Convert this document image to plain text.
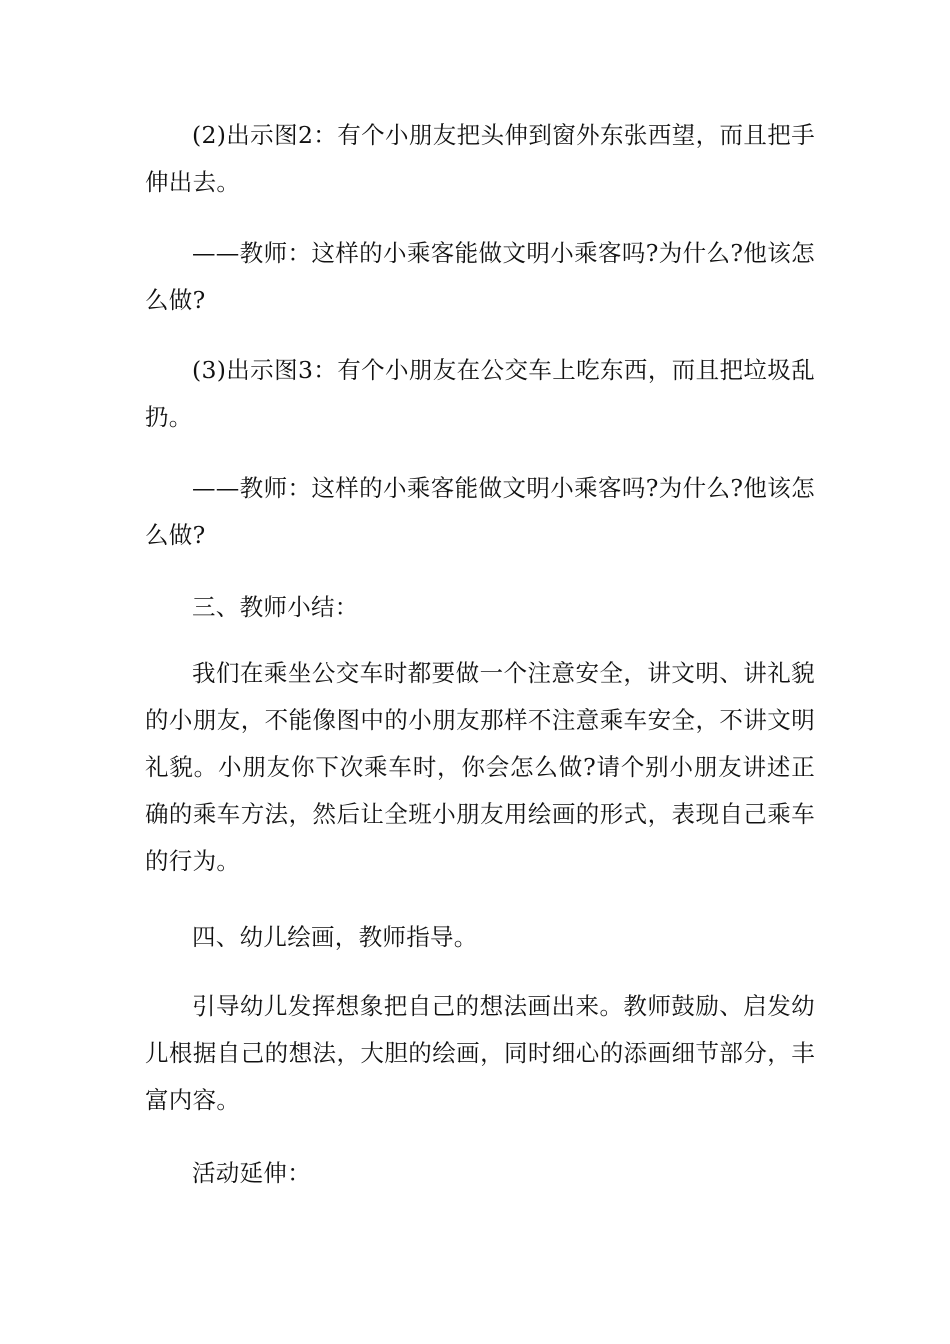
(2)出示图2：有个小朋友把头伸到窗外东张西望，而且把手伸出去。

——教师：这样的小乘客能做文明小乘客吗?为什么?他该怎么做?

(3)出示图3：有个小朋友在公交车上吃东西，而且把垃圾乱扔。

——教师：这样的小乘客能做文明小乘客吗?为什么?他该怎么做?

三、教师小结：

我们在乘坐公交车时都要做一个注意安全，讲文明、讲礼貌的小朋友，不能像图中的小朋友那样不注意乘车安全，不讲文明礼貌。小朋友你下次乘车时，你会怎么做?请个别小朋友讲述正确的乘车方法，然后让全班小朋友用绘画的形式，表现自己乘车的行为。

四、幼儿绘画，教师指导。

引导幼儿发挥想象把自己的想法画出来。教师鼓励、启发幼儿根据自己的想法，大胆的绘画，同时细心的添画细节部分，丰富内容。

活动延伸：
